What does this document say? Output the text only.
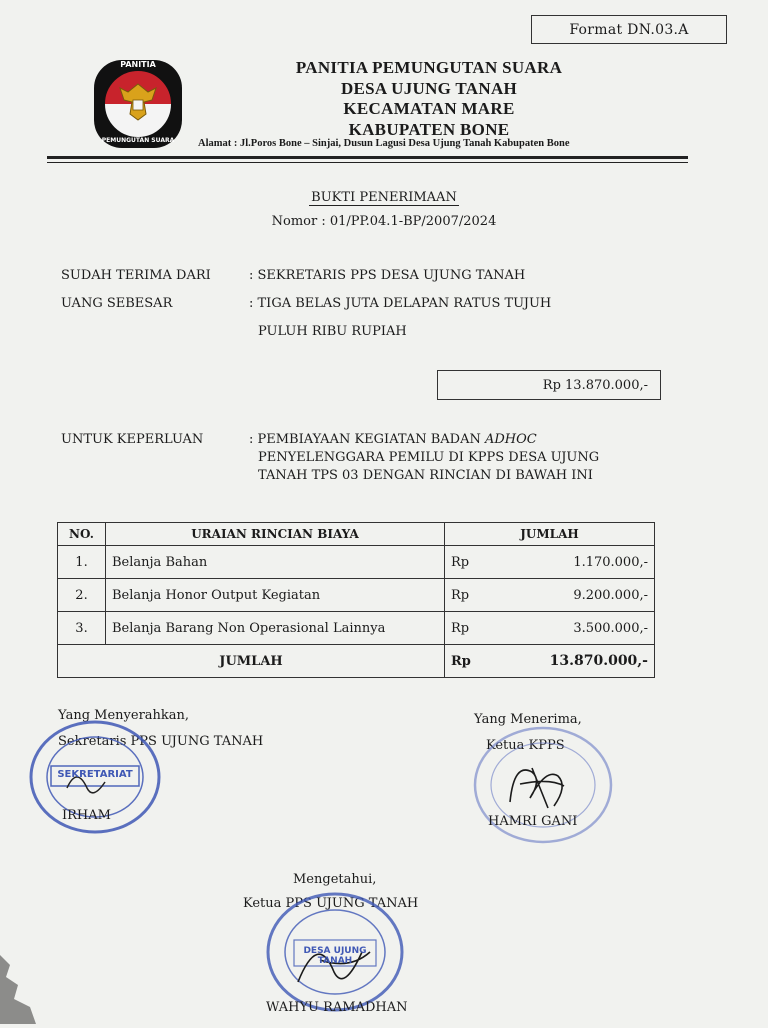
Format DN.03.A
PANITIA
PEMUNGUTAN SUARA
PANITIA PEMUNGUTAN SUARA
DESA UJUNG TANAH
KECAMATAN MARE
KABUPATEN BONE
Alamat : Jl.Poros Bone – Sinjai, Dusun Lagusi Desa Ujung Tanah Kabupaten Bone
BUKTI PENERIMAAN
Nomor : 01/PP.04.1-BP/2007/2024
SUDAH TERIMA DARI	: SEKRETARIS PPS DESA UJUNG TANAH
UANG SEBESAR	: TIGA BELAS JUTA DELAPAN RATUS TUJUH
PULUH RIBU RUPIAH
Rp 13.870.000,-
UNTUK KEPERLUAN	: PEMBIAYAAN KEGIATAN BADAN ADHOC
PENYELENGGARA PEMILU DI KPPS DESA UJUNG
TANAH TPS 03 DENGAN RINCIAN DI BAWAH INI
NO.	URAIAN RINCIAN BIAYA	JUMLAH	
1.	Belanja Bahan	Rp	1.170.000,-
2.	Belanja Honor Output Kegiatan	Rp	9.200.000,-
3.	Belanja Barang Non Operasional Lainnya	Rp	3.500.000,-
JUMLAH		Rp	13.870.000,-
Yang Menyerahkan,
Sekretaris PPS UJUNG TANAH
SEKRETARIAT
IRHAM
Yang Menerima,
Ketua KPPS
HAMRI GANI
Mengetahui,
Ketua PPS UJUNG TANAH
DESA UJUNG TANAH
WAHYU RAMADHAN
